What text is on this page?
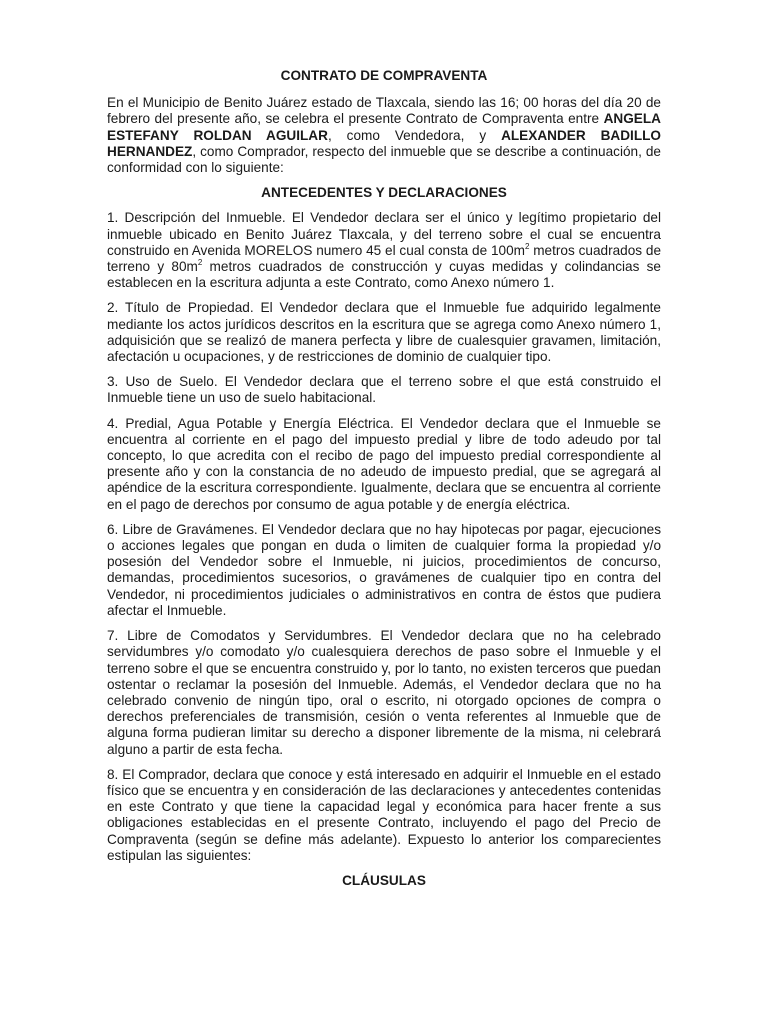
CONTRATO DE COMPRAVENTA
En el Municipio de Benito Juárez estado de Tlaxcala, siendo las 16; 00 horas del día 20 de febrero del presente año, se celebra el presente Contrato de Compraventa entre ANGELA ESTEFANY ROLDAN AGUILAR, como Vendedora, y ALEXANDER BADILLO HERNANDEZ, como Comprador, respecto del inmueble que se describe a continuación, de conformidad con lo siguiente:
ANTECEDENTES Y DECLARACIONES
1. Descripción del Inmueble. El Vendedor declara ser el único y legítimo propietario del inmueble ubicado en Benito Juárez Tlaxcala, y del terreno sobre el cual se encuentra construido en Avenida MORELOS numero 45 el cual consta de $100m^2$ metros cuadrados de terreno y $80m^2$ metros cuadrados de construcción y cuyas medidas y colindancias se establecen en la escritura adjunta a este Contrato, como Anexo número 1.
2. Título de Propiedad. El Vendedor declara que el Inmueble fue adquirido legalmente mediante los actos jurídicos descritos en la escritura que se agrega como Anexo número 1, adquisición que se realizó de manera perfecta y libre de cualesquier gravamen, limitación, afectación u ocupaciones, y de restricciones de dominio de cualquier tipo.
3. Uso de Suelo. El Vendedor declara que el terreno sobre el que está construido el Inmueble tiene un uso de suelo habitacional.
4. Predial, Agua Potable y Energía Eléctrica. El Vendedor declara que el Inmueble se encuentra al corriente en el pago del impuesto predial y libre de todo adeudo por tal concepto, lo que acredita con el recibo de pago del impuesto predial correspondiente al presente año y con la constancia de no adeudo de impuesto predial, que se agregará al apéndice de la escritura correspondiente. Igualmente, declara que se encuentra al corriente en el pago de derechos por consumo de agua potable y de energía eléctrica.
6. Libre de Gravámenes. El Vendedor declara que no hay hipotecas por pagar, ejecuciones o acciones legales que pongan en duda o limiten de cualquier forma la propiedad y/o posesión del Vendedor sobre el Inmueble, ni juicios, procedimientos de concurso, demandas, procedimientos sucesorios, o gravámenes de cualquier tipo en contra del Vendedor, ni procedimientos judiciales o administrativos en contra de éstos que pudiera afectar el Inmueble.
7. Libre de Comodatos y Servidumbres. El Vendedor declara que no ha celebrado servidumbres y/o comodato y/o cualesquiera derechos de paso sobre el Inmueble y el terreno sobre el que se encuentra construido y, por lo tanto, no existen terceros que puedan ostentar o reclamar la posesión del Inmueble. Además, el Vendedor declara que no ha celebrado convenio de ningún tipo, oral o escrito, ni otorgado opciones de compra o derechos preferenciales de transmisión, cesión o venta referentes al Inmueble que de alguna forma pudieran limitar su derecho a disponer libremente de la misma, ni celebrará alguno a partir de esta fecha.
8. El Comprador, declara que conoce y está interesado en adquirir el Inmueble en el estado físico que se encuentra y en consideración de las declaraciones y antecedentes contenidas en este Contrato y que tiene la capacidad legal y económica para hacer frente a sus obligaciones establecidas en el presente Contrato, incluyendo el pago del Precio de Compraventa (según se define más adelante). Expuesto lo anterior los comparecientes estipulan las siguientes:
CLÁUSULAS
